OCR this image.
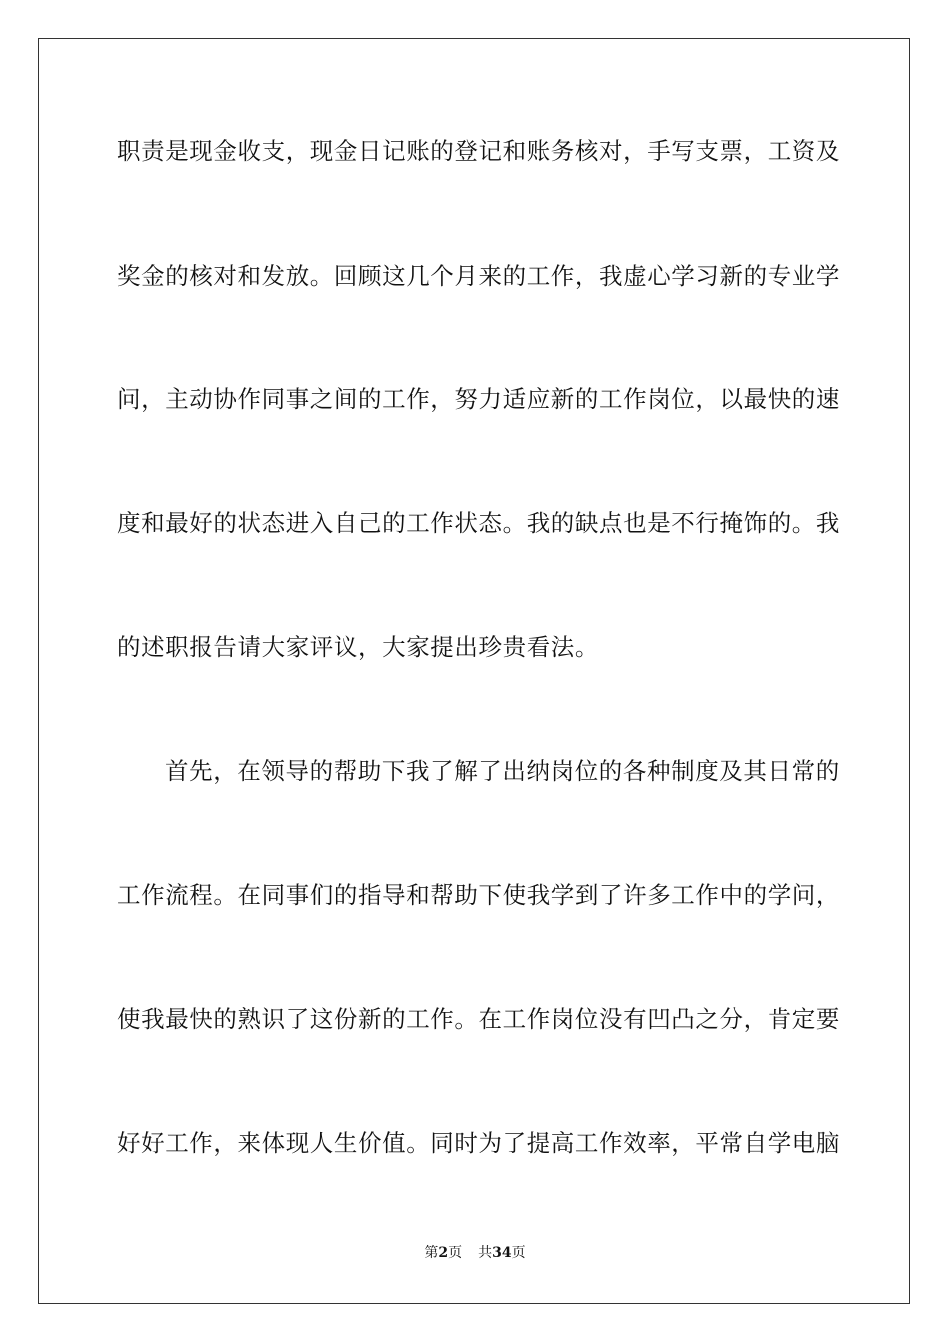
职责是现金收支，现金日记账的登记和账务核对，手写支票，工资及
奖金的核对和发放。回顾这几个月来的工作，我虚心学习新的专业学
问，主动协作同事之间的工作，努力适应新的工作岗位，以最快的速
度和最好的状态进入自己的工作状态。我的缺点也是不行掩饰的。我
的述职报告请大家评议，大家提出珍贵看法。
首先，在领导的帮助下我了解了出纳岗位的各种制度及其日常的
工作流程。在同事们的指导和帮助下使我学到了许多工作中的学问，
使我最快的熟识了这份新的工作。在工作岗位没有凹凸之分，肯定要
好好工作，来体现人生价值。同时为了提高工作效率，平常自学电脑
第2页 共34页
